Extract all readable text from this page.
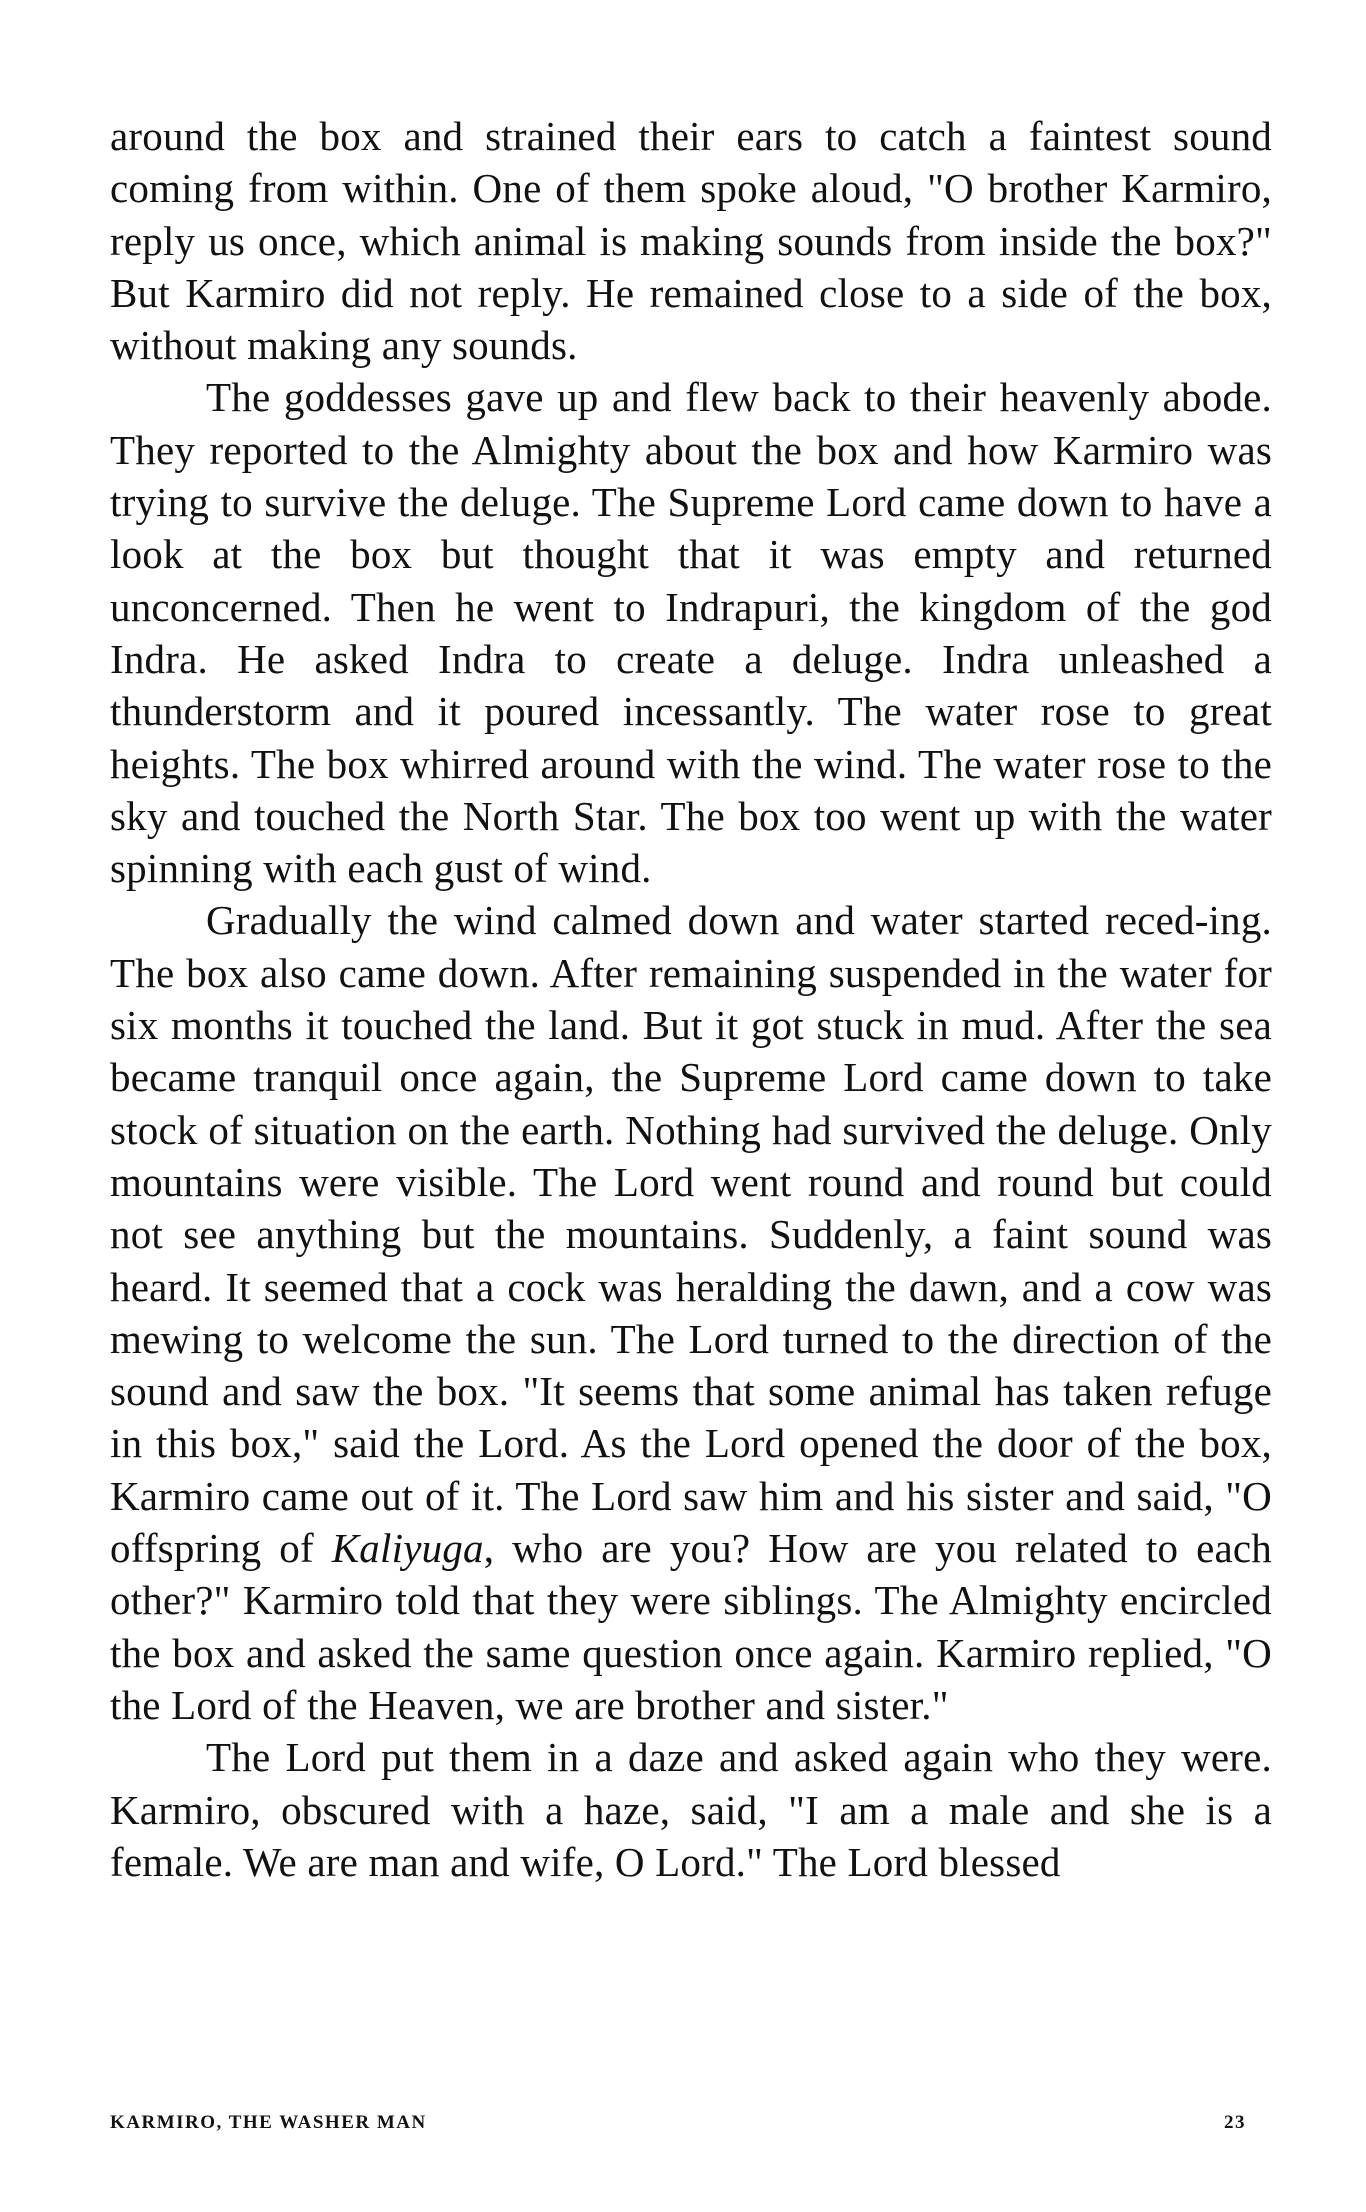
around the box and strained their ears to catch a faintest sound coming from within. One of them spoke aloud, "O brother Karmiro, reply us once, which animal is making sounds from inside the box?" But Karmiro did not reply. He remained close to a side of the box, without making any sounds.

The goddesses gave up and flew back to their heavenly abode. They reported to the Almighty about the box and how Karmiro was trying to survive the deluge. The Supreme Lord came down to have a look at the box but thought that it was empty and returned unconcerned. Then he went to Indrapuri, the kingdom of the god Indra. He asked Indra to create a deluge. Indra unleashed a thunderstorm and it poured incessantly. The water rose to great heights. The box whirred around with the wind. The water rose to the sky and touched the North Star. The box too went up with the water spinning with each gust of wind.

Gradually the wind calmed down and water started reced-ing. The box also came down. After remaining suspended in the water for six months it touched the land. But it got stuck in mud. After the sea became tranquil once again, the Supreme Lord came down to take stock of situation on the earth. Nothing had survived the deluge. Only mountains were visible. The Lord went round and round but could not see anything but the mountains. Suddenly, a faint sound was heard. It seemed that a cock was heralding the dawn, and a cow was mewing to welcome the sun. The Lord turned to the direction of the sound and saw the box. "It seems that some animal has taken refuge in this box," said the Lord. As the Lord opened the door of the box, Karmiro came out of it. The Lord saw him and his sister and said, "O offspring of Kaliyuga, who are you? How are you related to each other?" Karmiro told that they were siblings. The Almighty encircled the box and asked the same question once again. Karmiro replied, "O the Lord of the Heaven, we are brother and sister."

The Lord put them in a daze and asked again who they were. Karmiro, obscured with a haze, said, "I am a male and she is a female. We are man and wife, O Lord." The Lord blessed

KARMIRO, THE WASHER MAN	23
